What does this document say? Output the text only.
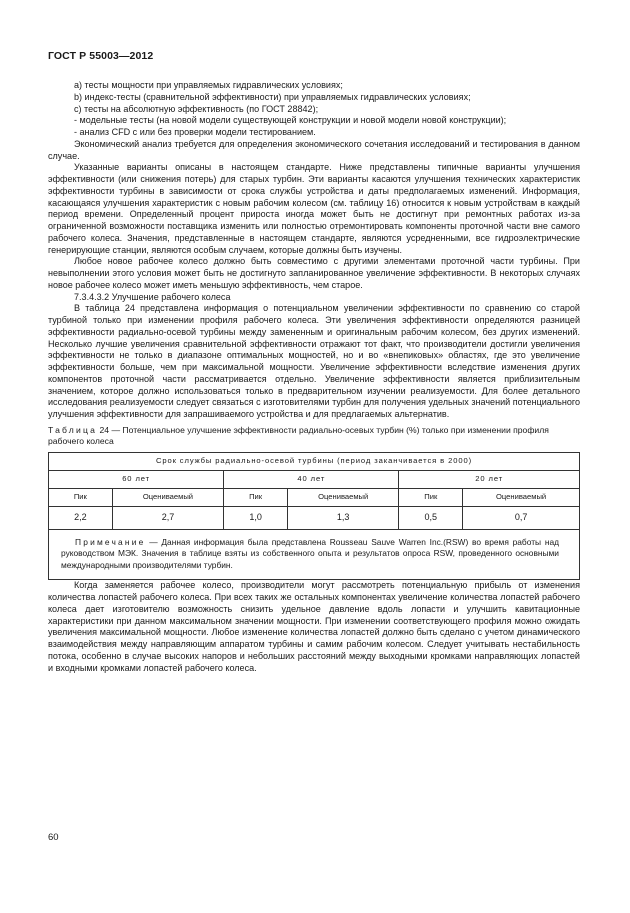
ГОСТ Р 55003—2012

a) тесты мощности при управляемых гидравлических условиях;

b) индекс-тесты (сравнительной эффективности) при управляемых гидравлических условиях;

c) тесты на абсолютную эффективность (по ГОСТ 28842);

- модельные тесты (на новой модели существующей конструкции и новой модели новой конструкции);

- анализ CFD с или без проверки модели тестированием.

Экономический анализ требуется для определения экономического сочетания исследований и тестирования в данном случае.

Указанные варианты описаны в настоящем стандарте. Ниже представлены типичные варианты улучшения эффективности (или снижения потерь) для старых турбин. Эти варианты касаются улучшения технических характеристик эффективности турбины в зависимости от срока службы устройства и даты предполагаемых изменений. Информация, касающаяся улучшения характеристик с новым рабочим колесом (см. таблицу 16) относится к новым устройствам в каждый период времени. Определенный процент прироста иногда может быть не достигнут при ремонтных работах из-за ограниченной возможности поставщика изменить или полностью отремонтировать компоненты проточной части вне самого рабочего колеса. Значения, представленные в настоящем стандарте, являются усредненными, все гидроэлектрические генерирующие станции, являются особым случаем, которые должны быть изучены.

Любое новое рабочее колесо должно быть совместимо с другими элементами проточной части турбины. При невыполнении этого условия может быть не достигнуто запланированное увеличение эффективности. В некоторых случаях новое рабочее колесо может иметь меньшую эффективность, чем старое.

7.3.4.3.2 Улучшение рабочего колеса

В таблица 24 представлена информация о потенциальном увеличении эффективности по сравнению со старой турбиной только при изменении профиля рабочего колеса. Эти увеличения эффективности определяются разницей эффективности радиально-осевой турбины между замененным и оригинальным рабочим колесом, без других изменений. Несколько лучшие увеличения сравнительной эффективности отражают тот факт, что производители достигли увеличения эффективности не только в диапазоне оптимальных мощностей, но и во «внепиковых» областях, где это увеличение эффективности больше, чем при максимальной мощности. Увеличение эффективности вследствие изменения других компонентов проточной части рассматривается отдельно. Увеличение эффективности является приблизительным значением, которое должно использоваться только в предварительном изучении реализуемости. Для более детального исследования реализуемости следует связаться с изготовителями турбин для получения удельных значений потенциального улучшения эффективности для запрашиваемого устройства и для предлагаемых альтернатив.

Таблица 24 — Потенциальное улучшение эффективности радиально-осевых турбин (%) только при изменении профиля рабочего колеса
Срок службы радиально-осевой турбины (период заканчивается в 2000)					
60 лет		40 лет		20 лет	
Пик	Оцениваемый	Пик	Оцениваемый	Пик	Оцениваемый
2,2	2,7	1,0	1,3	0,5	0,7
Примечание — Данная информация была представлена Rousseau Sauve Warren Inc.(RSW) во время работы над руководством МЭК. Значения в таблице взяты из собственного опыта и результатов опроса RSW, проведенного основными международными производителями турбин.					

Когда заменяется рабочее колесо, производители могут рассмотреть потенциальную прибыль от изменения количества лопастей рабочего колеса. При всех таких же остальных компонентах увеличение количества лопастей рабочего колеса дает изготовителю возможность снизить удельное давление вдоль лопасти и улучшить кавитационные характеристики при данном максимальном значении мощности. При изменении соответствующего профиля можно ожидать увеличения максимальной мощности. Любое изменение количества лопастей должно быть сделано с учетом динамического взаимодействия между направляющим аппаратом турбины и самим рабочим колесом. Следует учитывать нестабильность потока, особенно в случае высоких напоров и небольших расстояний между выходными кромками направляющих лопастей и входными кромками лопастей рабочего колеса.

60
